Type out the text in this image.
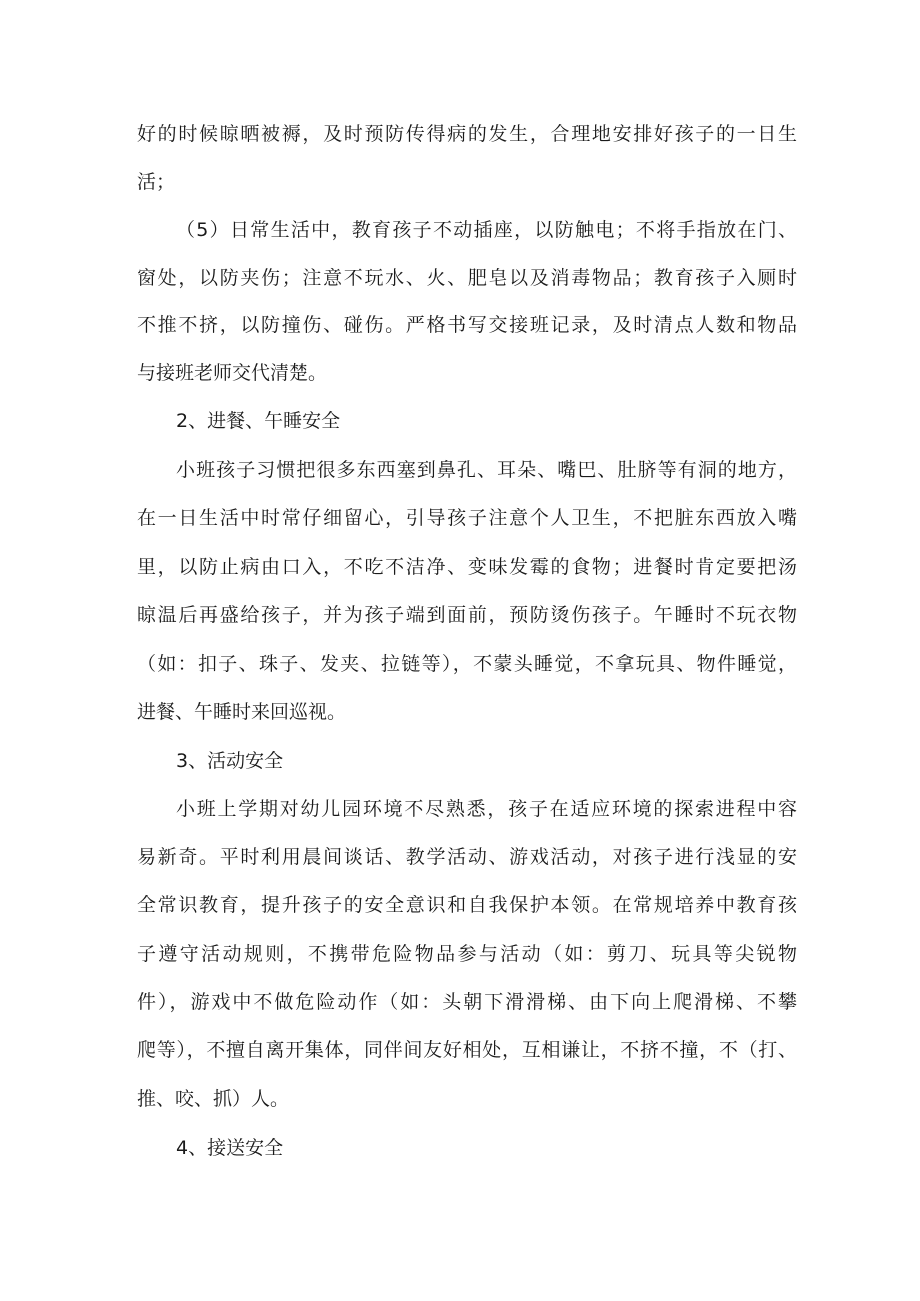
好的时候晾晒被褥，及时预防传得病的发生，合理地安排好孩子的一日生
活；
（5）日常生活中，教育孩子不动插座，以防触电；不将手指放在门、
窗处，以防夹伤；注意不玩水、火、肥皂以及消毒物品；教育孩子入厕时
不推不挤，以防撞伤、碰伤。严格书写交接班记录，及时清点人数和物品
与接班老师交代清楚。
2、进餐、午睡安全
小班孩子习惯把很多东西塞到鼻孔、耳朵、嘴巴、肚脐等有洞的地方，
在一日生活中时常仔细留心，引导孩子注意个人卫生，不把脏东西放入嘴
里，以防止病由口入，不吃不洁净、变味发霉的食物；进餐时肯定要把汤
晾温后再盛给孩子，并为孩子端到面前，预防烫伤孩子。午睡时不玩衣物
（如：扣子、珠子、发夹、拉链等），不蒙头睡觉，不拿玩具、物件睡觉，
进餐、午睡时来回巡视。
3、活动安全
小班上学期对幼儿园环境不尽熟悉，孩子在适应环境的探索进程中容
易新奇。平时利用晨间谈话、教学活动、游戏活动，对孩子进行浅显的安
全常识教育，提升孩子的安全意识和自我保护本领。在常规培养中教育孩
子遵守活动规则，不携带危险物品参与活动（如：剪刀、玩具等尖锐物
件），游戏中不做危险动作（如：头朝下滑滑梯、由下向上爬滑梯、不攀
爬等），不擅自离开集体，同伴间友好相处，互相谦让，不挤不撞，不（打、
推、咬、抓）人。
4、接送安全
